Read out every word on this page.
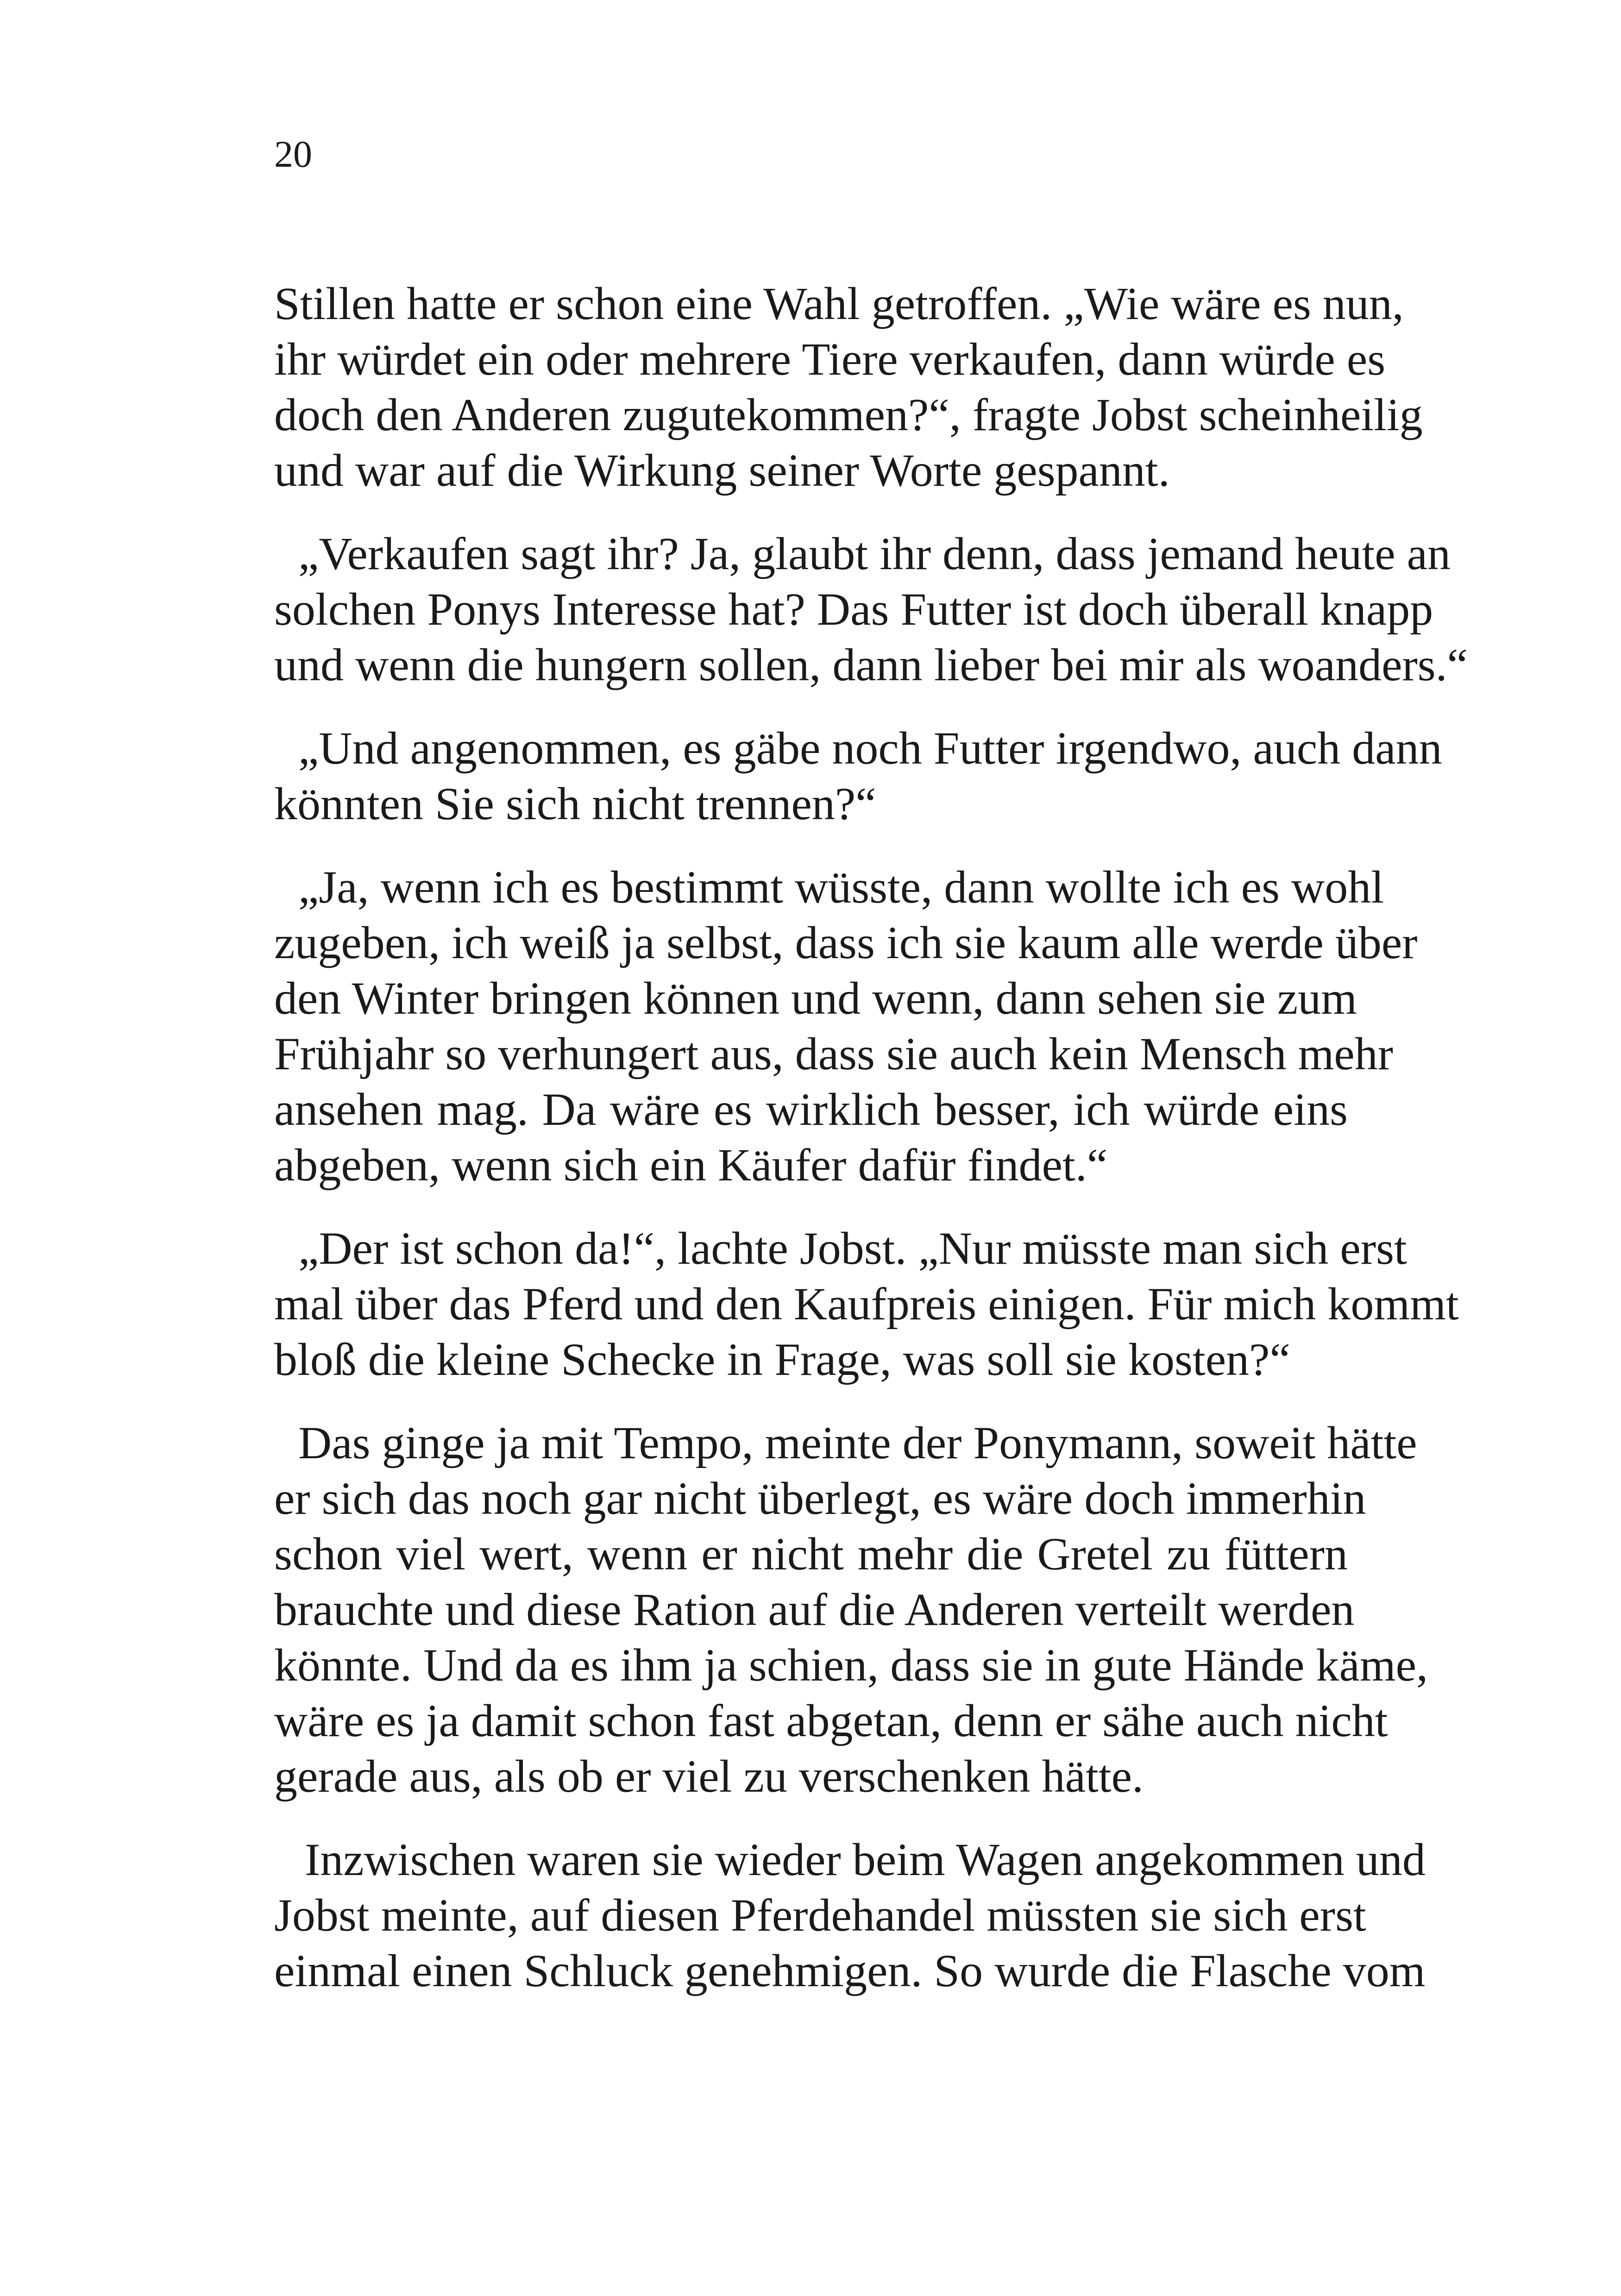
20
Stillen hatte er schon eine Wahl getroffen. „Wie wäre es nun,
ihr würdet ein oder mehrere Tiere verkaufen, dann würde es
doch den Anderen zugutekommen?“, fragte Jobst scheinheilig
und war auf die Wirkung seiner Worte gespannt.
„Verkaufen sagt ihr? Ja, glaubt ihr denn, dass jemand heute an
solchen Ponys Interesse hat? Das Futter ist doch überall knapp
und wenn die hungern sollen, dann lieber bei mir als woanders.“
„Und angenommen, es gäbe noch Futter irgendwo, auch dann
könnten Sie sich nicht trennen?“
„Ja, wenn ich es bestimmt wüsste, dann wollte ich es wohl
zugeben, ich weiß ja selbst, dass ich sie kaum alle werde über
den Winter bringen können und wenn, dann sehen sie zum
Frühjahr so verhungert aus, dass sie auch kein Mensch mehr
ansehen mag. Da wäre es wirklich besser, ich würde eins
abgeben, wenn sich ein Käufer dafür findet.“
„Der ist schon da!“, lachte Jobst. „Nur müsste man sich erst
mal über das Pferd und den Kaufpreis einigen. Für mich kommt
bloß die kleine Schecke in Frage, was soll sie kosten?“
Das ginge ja mit Tempo, meinte der Ponymann, soweit hätte
er sich das noch gar nicht überlegt, es wäre doch immerhin
schon viel wert, wenn er nicht mehr die Gretel zu füttern
brauchte und diese Ration auf die Anderen verteilt werden
könnte. Und da es ihm ja schien, dass sie in gute Hände käme,
wäre es ja damit schon fast abgetan, denn er sähe auch nicht
gerade aus, als ob er viel zu verschenken hätte.
Inzwischen waren sie wieder beim Wagen angekommen und
Jobst meinte, auf diesen Pferdehandel müssten sie sich erst
einmal einen Schluck genehmigen. So wurde die Flasche vom
